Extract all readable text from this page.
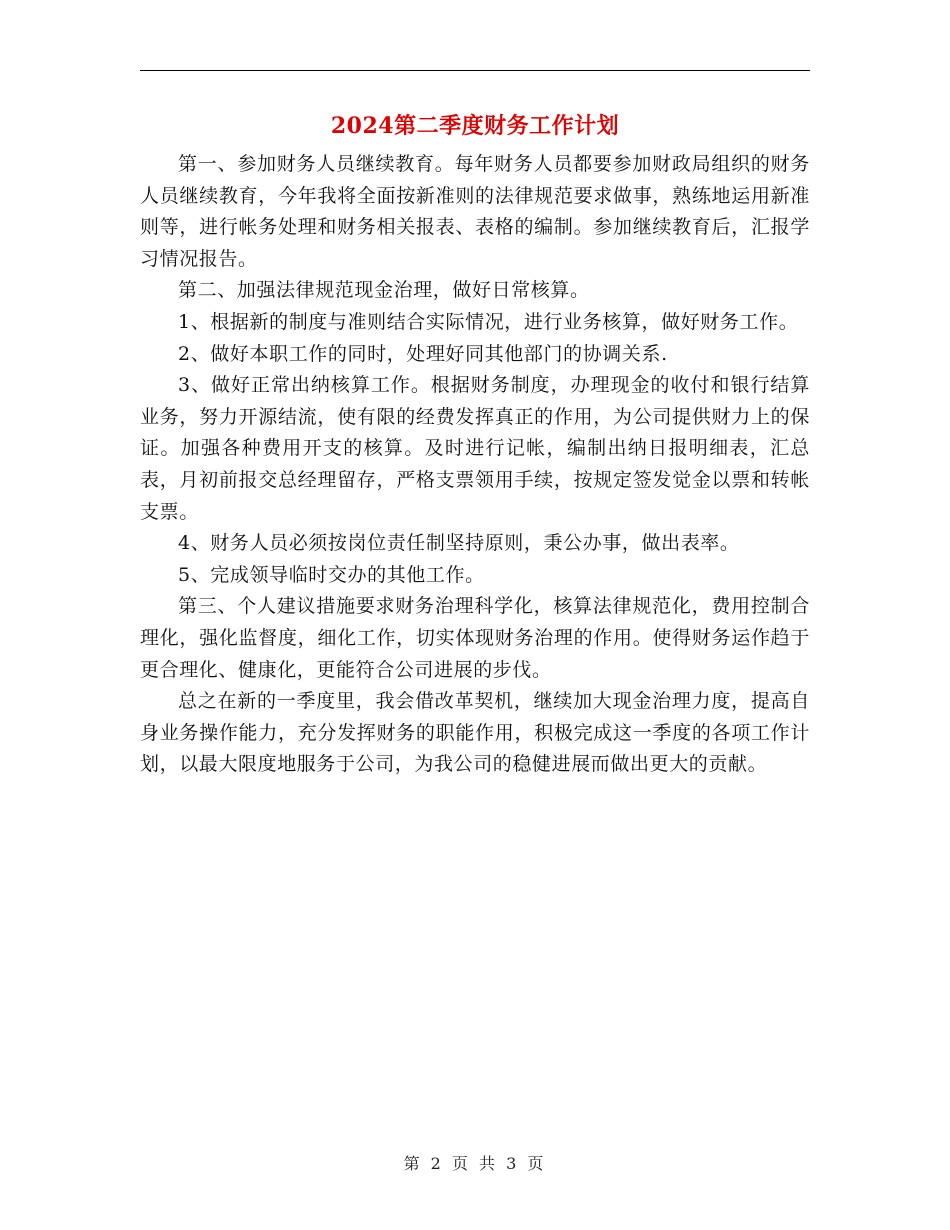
2024第二季度财务工作计划

第一、参加财务人员继续教育。每年财务人员都要参加财政局组织的财务人员继续教育，今年我将全面按新准则的法律规范要求做事，熟练地运用新准则等，进行帐务处理和财务相关报表、表格的编制。参加继续教育后，汇报学习情况报告。

第二、加强法律规范现金治理，做好日常核算。

1、根据新的制度与准则结合实际情况，进行业务核算，做好财务工作。

2、做好本职工作的同时，处理好同其他部门的协调关系.

3、做好正常出纳核算工作。根据财务制度，办理现金的收付和银行结算业务，努力开源结流，使有限的经费发挥真正的作用，为公司提供财力上的保证。加强各种费用开支的核算。及时进行记帐，编制出纳日报明细表，汇总表，月初前报交总经理留存，严格支票领用手续，按规定签发觉金以票和转帐支票。

4、财务人员必须按岗位责任制坚持原则，秉公办事，做出表率。

5、完成领导临时交办的其他工作。

第三、个人建议措施要求财务治理科学化，核算法律规范化，费用控制合理化，强化监督度，细化工作，切实体现财务治理的作用。使得财务运作趋于更合理化、健康化，更能符合公司进展的步伐。

总之在新的一季度里，我会借改革契机，继续加大现金治理力度，提高自身业务操作能力，充分发挥财务的职能作用，积极完成这一季度的各项工作计划，以最大限度地服务于公司，为我公司的稳健进展而做出更大的贡献。

第 2 页 共 3 页
